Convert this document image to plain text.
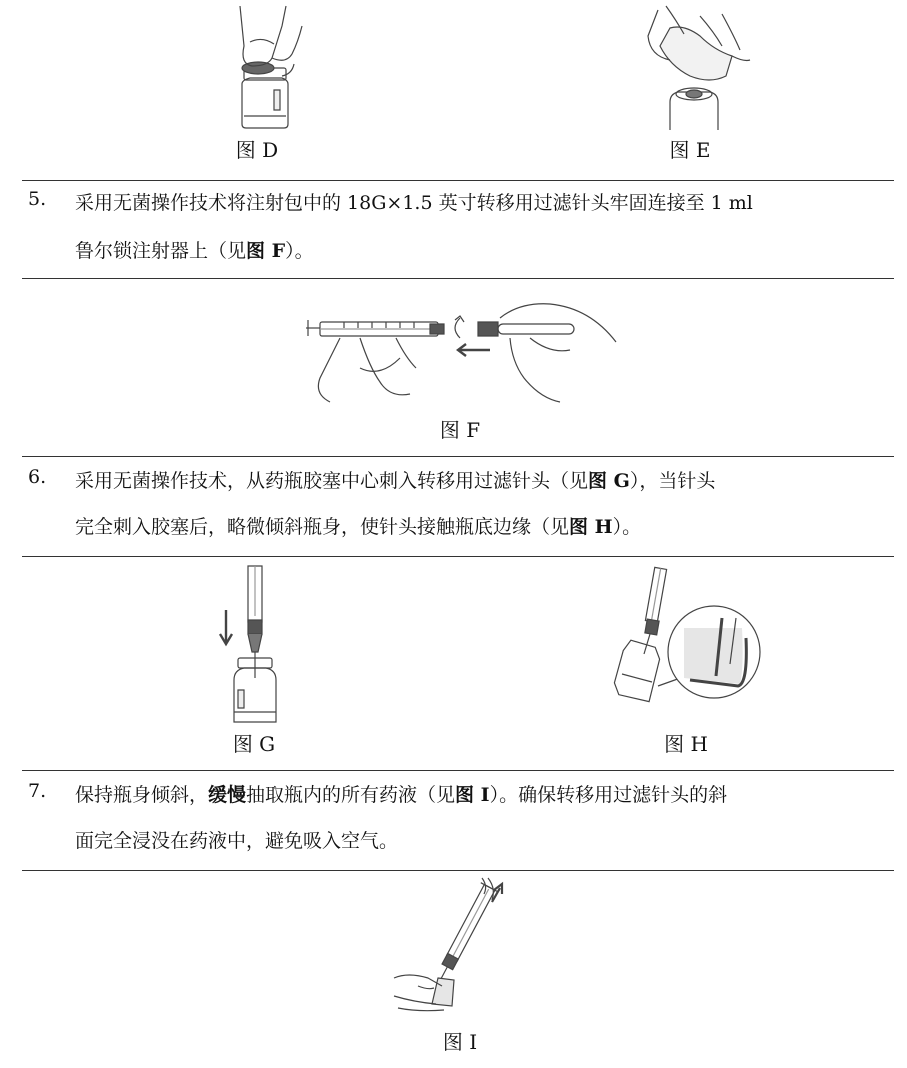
图 D	图 E
5. 采用无菌操作技术将注射包中的 18G×1.5 英寸转移用过滤针头牢固连接至 1 ml
鲁尔锁注射器上（见图 F）。
图 F
6. 采用无菌操作技术，从药瓶胶塞中心刺入转移用过滤针头（见图 G），当针头
完全刺入胶塞后，略微倾斜瓶身，使针头接触瓶底边缘（见图 H）。
图 G	图 H
7. 保持瓶身倾斜，缓慢抽取瓶内的所有药液（见图 I）。确保转移用过滤针头的斜
面完全浸没在药液中，避免吸入空气。
图 I
